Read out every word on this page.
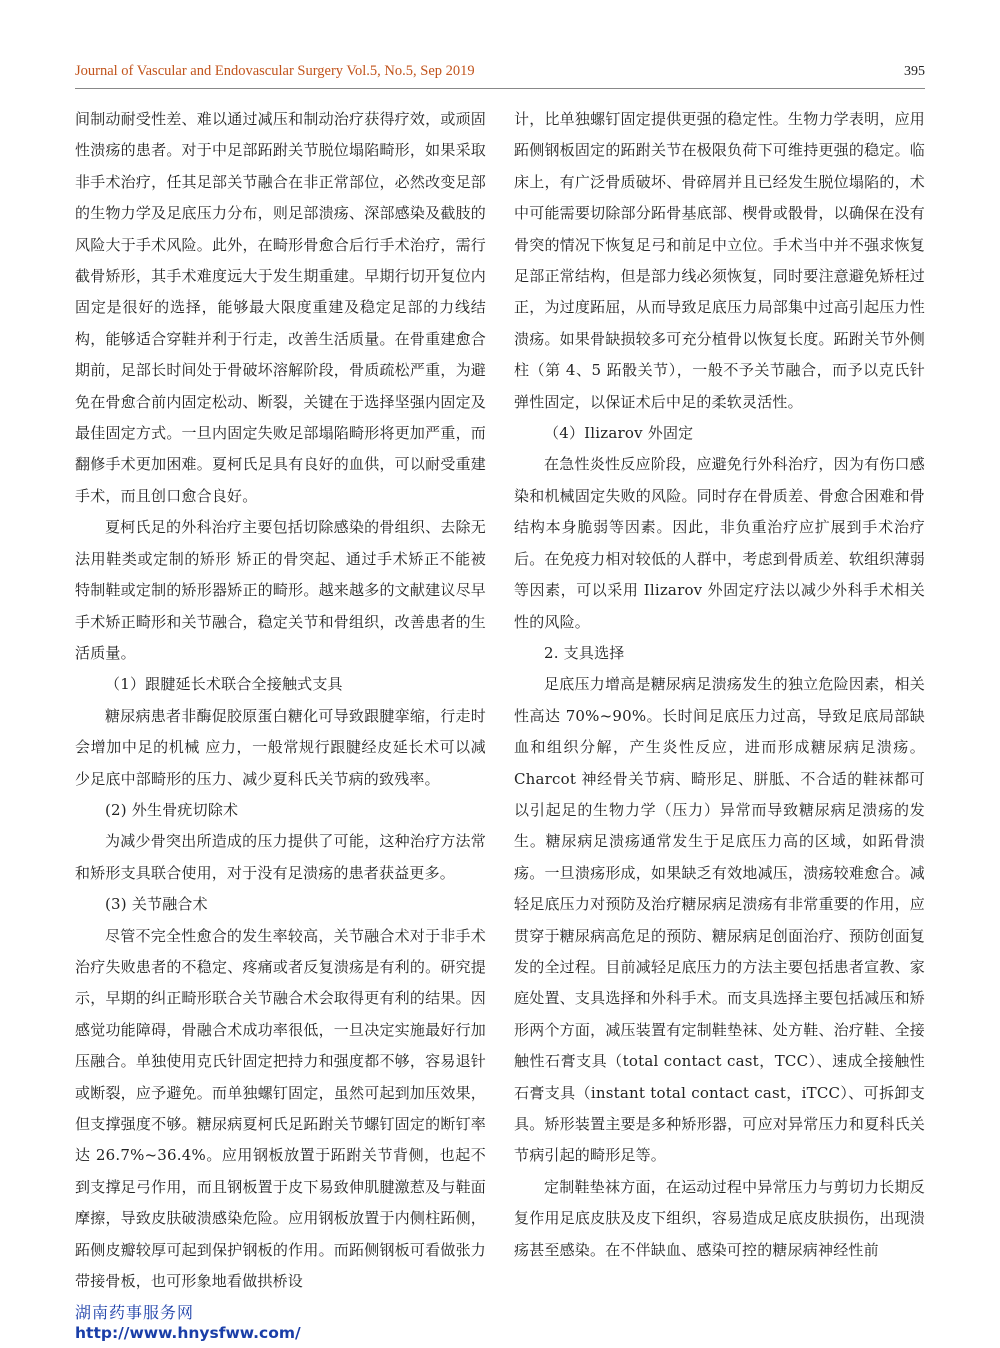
Journal of Vascular and Endovascular Surgery Vol.5, No.5, Sep 2019	395

间制动耐受性差、难以通过减压和制动治疗获得疗效，或顽固性溃疡的患者。对于中足部跖跗关节脱位塌陷畸形，如果采取非手术治疗，任其足部关节融合在非正常部位，必然改变足部的生物力学及足底压力分布，则足部溃疡、深部感染及截肢的风险大于手术风险。此外，在畸形骨愈合后行手术治疗，需行截骨矫形，其手术难度远大于发生期重建。早期行切开复位内固定是很好的选择，能够最大限度重建及稳定足部的力线结构，能够适合穿鞋并利于行走，改善生活质量。在骨重建愈合期前，足部长时间处于骨破坏溶解阶段，骨质疏松严重，为避免在骨愈合前内固定松动、断裂，关键在于选择坚强内固定及最佳固定方式。一旦内固定失败足部塌陷畸形将更加严重，而翻修手术更加困难。夏柯氏足具有良好的血供，可以耐受重建手术，而且创口愈合良好。

夏柯氏足的外科治疗主要包括切除感染的骨组织、去除无法用鞋类或定制的矫形 矫正的骨突起、通过手术矫正不能被特制鞋或定制的矫形器矫正的畸形。越来越多的文献建议尽早手术矫正畸形和关节融合，稳定关节和骨组织，改善患者的生活质量。

（1）跟腱延长术联合全接触式支具

糖尿病患者非酶促胶原蛋白糖化可导致跟腱挛缩，行走时会增加中足的机械 应力，一般常规行跟腱经皮延长术可以减少足底中部畸形的压力、减少夏科氏关节病的致残率。

(2) 外生骨疣切除术

为减少骨突出所造成的压力提供了可能，这种治疗方法常和矫形支具联合使用，对于没有足溃疡的患者获益更多。

(3) 关节融合术

尽管不完全性愈合的发生率较高，关节融合术对于非手术治疗失败患者的不稳定、疼痛或者反复溃疡是有利的。研究提示，早期的纠正畸形联合关节融合术会取得更有利的结果。因感觉功能障碍，骨融合术成功率很低，一旦决定实施最好行加压融合。单独使用克氏针固定把持力和强度都不够，容易退针或断裂，应予避免。而单独螺钉固定，虽然可起到加压效果，但支撑强度不够。糖尿病夏柯氏足跖跗关节螺钉固定的断钉率达 26.7%~36.4%。应用钢板放置于跖跗关节背侧，也起不到支撑足弓作用，而且钢板置于皮下易致伸肌腱激惹及与鞋面摩擦，导致皮肤破溃感染危险。应用钢板放置于内侧柱跖侧，跖侧皮瓣较厚可起到保护钢板的作用。而跖侧钢板可看做张力带接骨板，也可形象地看做拱桥设

计，比单独螺钉固定提供更强的稳定性。生物力学表明，应用跖侧钢板固定的跖跗关节在极限负荷下可维持更强的稳定。临床上，有广泛骨质破坏、骨碎屑并且已经发生脱位塌陷的，术中可能需要切除部分跖骨基底部、楔骨或骰骨，以确保在没有骨突的情况下恢复足弓和前足中立位。手术当中并不强求恢复足部正常结构，但是部力线必须恢复，同时要注意避免矫枉过正，为过度跖屈，从而导致足底压力局部集中过高引起压力性溃疡。如果骨缺损较多可充分植骨以恢复长度。跖跗关节外侧柱（第 4、5 跖骰关节），一般不予关节融合，而予以克氏针弹性固定，以保证术后中足的柔软灵活性。

（4）Ilizarov 外固定

在急性炎性反应阶段，应避免行外科治疗，因为有伤口感染和机械固定失败的风险。同时存在骨质差、骨愈合困难和骨结构本身脆弱等因素。因此，非负重治疗应扩展到手术治疗后。在免疫力相对较低的人群中，考虑到骨质差、软组织薄弱等因素，可以采用 Ilizarov 外固定疗法以减少外科手术相关性的风险。

2. 支具选择

足底压力增高是糖尿病足溃疡发生的独立危险因素，相关性高达 70%~90%。长时间足底压力过高，导致足底局部缺血和组织分解，产生炎性反应，进而形成糖尿病足溃疡。Charcot 神经骨关节病、畸形足、胼胝、不合适的鞋袜都可以引起足的生物力学（压力）异常而导致糖尿病足溃疡的发生。糖尿病足溃疡通常发生于足底压力高的区域，如跖骨溃疡。一旦溃疡形成，如果缺乏有效地减压，溃疡较难愈合。减轻足底压力对预防及治疗糖尿病足溃疡有非常重要的作用，应贯穿于糖尿病高危足的预防、糖尿病足创面治疗、预防创面复发的全过程。目前减轻足底压力的方法主要包括患者宣教、家庭处置、支具选择和外科手术。而支具选择主要包括减压和矫形两个方面，减压装置有定制鞋垫袜、处方鞋、治疗鞋、全接触性石膏支具（total contact cast，TCC）、速成全接触性石膏支具（instant total contact cast，iTCC）、可拆卸支具。矫形装置主要是多种矫形器，可应对异常压力和夏科氏关节病引起的畸形足等。

定制鞋垫袜方面，在运动过程中异常压力与剪切力长期反复作用足底皮肤及皮下组织，容易造成足底皮肤损伤，出现溃疡甚至感染。在不伴缺血、感染可控的糖尿病神经性前

湖南药事服务网
http://www.hnysfww.com/
